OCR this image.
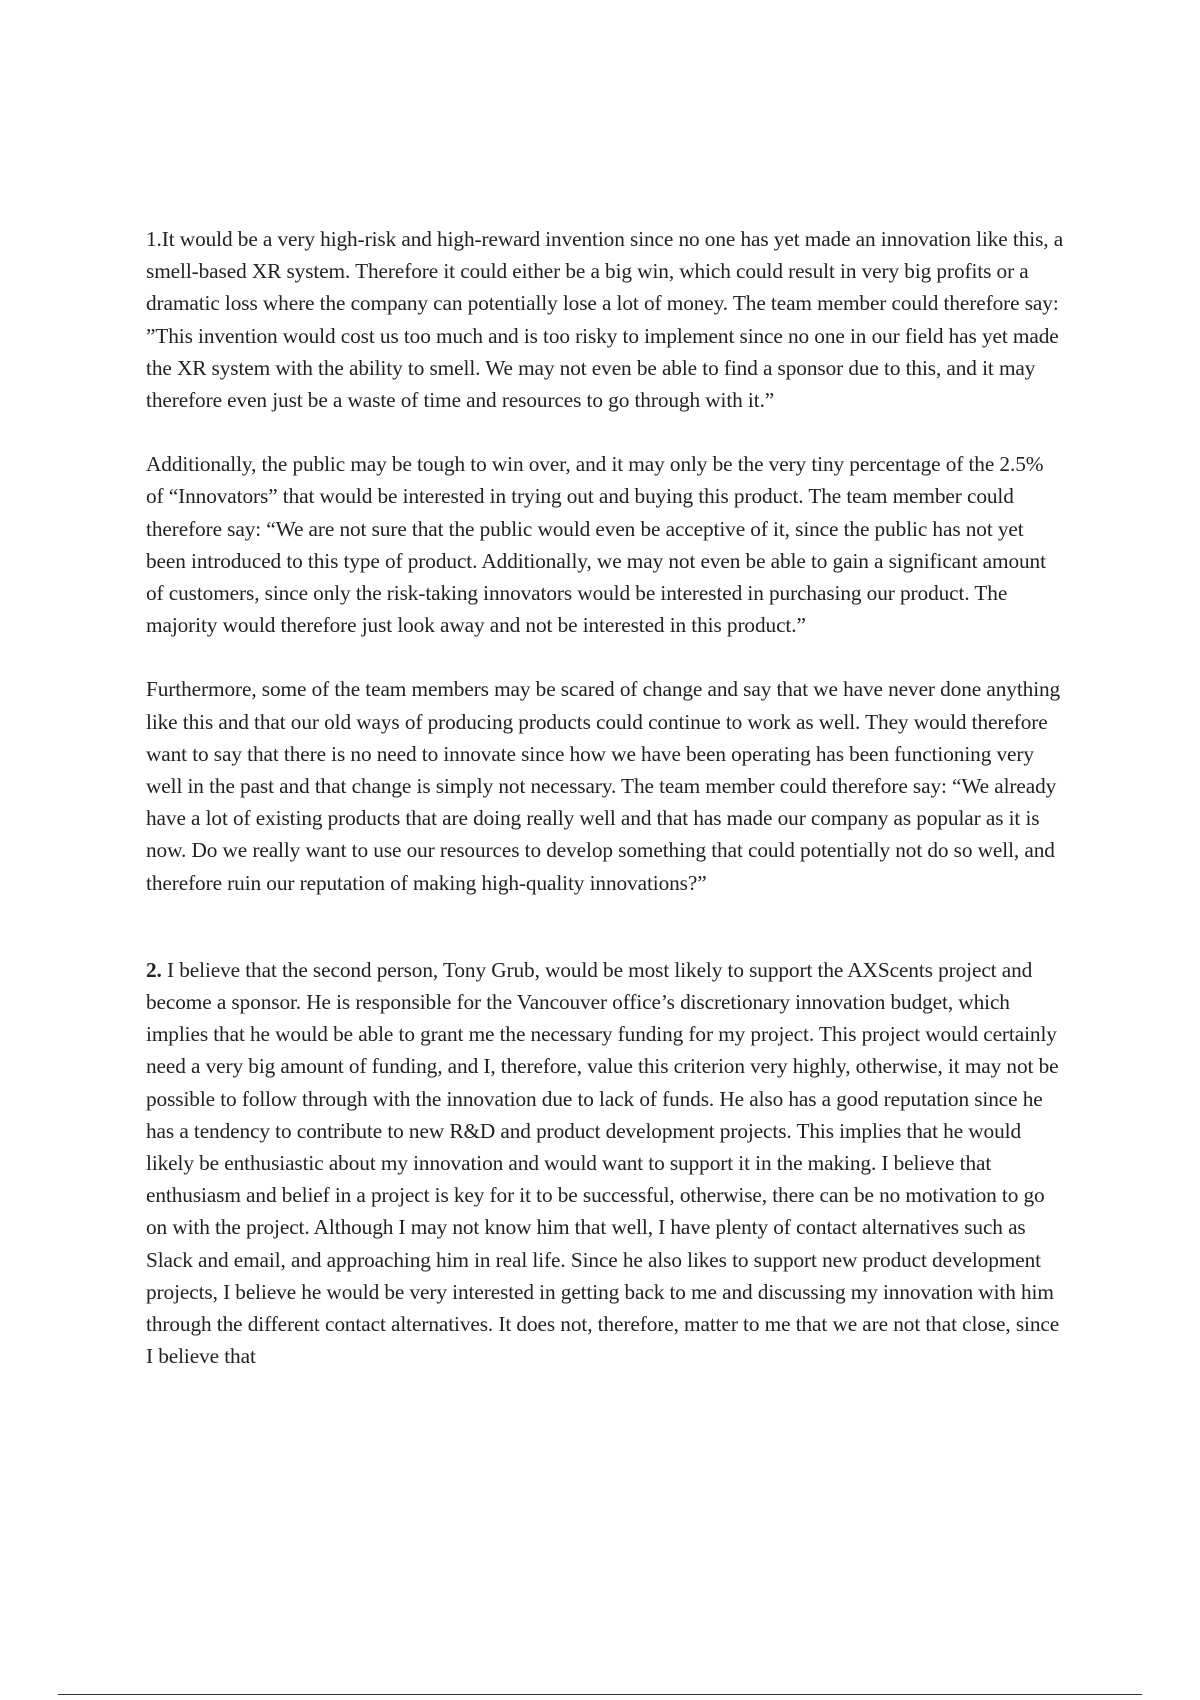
1.It would be a very high-risk and high-reward invention since no one has yet made an innovation like this, a smell-based XR system. Therefore it could either be a big win, which could result in very big profits or a dramatic loss where the company can potentially lose a lot of money. The team member could therefore say: ”This invention would cost us too much and is too risky to implement since no one in our field has yet made the XR system with the ability to smell. We may not even be able to find a sponsor due to this, and it may therefore even just be a waste of time and resources to go through with it.”

Additionally, the public may be tough to win over, and it may only be the very tiny percentage of the 2.5% of “Innovators” that would be interested in trying out and buying this product. The team member could therefore say: “We are not sure that the public would even be acceptive of it, since the public has not yet been introduced to this type of product. Additionally, we may not even be able to gain a significant amount of customers, since only the risk-taking innovators would be interested in purchasing our product. The majority would therefore just look away and not be interested in this product.”

Furthermore, some of the team members may be scared of change and say that we have never done anything like this and that our old ways of producing products could continue to work as well. They would therefore want to say that there is no need to innovate since how we have been operating has been functioning very well in the past and that change is simply not necessary. The team member could therefore say: “We already have a lot of existing products that are doing really well and that has made our company as popular as it is now. Do we really want to use our resources to develop something that could potentially not do so well, and therefore ruin our reputation of making high-quality innovations?”

2. I believe that the second person, Tony Grub, would be most likely to support the AXScents project and become a sponsor. He is responsible for the Vancouver office’s discretionary innovation budget, which implies that he would be able to grant me the necessary funding for my project. This project would certainly need a very big amount of funding, and I, therefore, value this criterion very highly, otherwise, it may not be possible to follow through with the innovation due to lack of funds. He also has a good reputation since he has a tendency to contribute to new R&D and product development projects. This implies that he would likely be enthusiastic about my innovation and would want to support it in the making. I believe that enthusiasm and belief in a project is key for it to be successful, otherwise, there can be no motivation to go on with the project. Although I may not know him that well, I have plenty of contact alternatives such as Slack and email, and approaching him in real life. Since he also likes to support new product development projects, I believe he would be very interested in getting back to me and discussing my innovation with him through the different contact alternatives. It does not, therefore, matter to me that we are not that close, since I believe that
